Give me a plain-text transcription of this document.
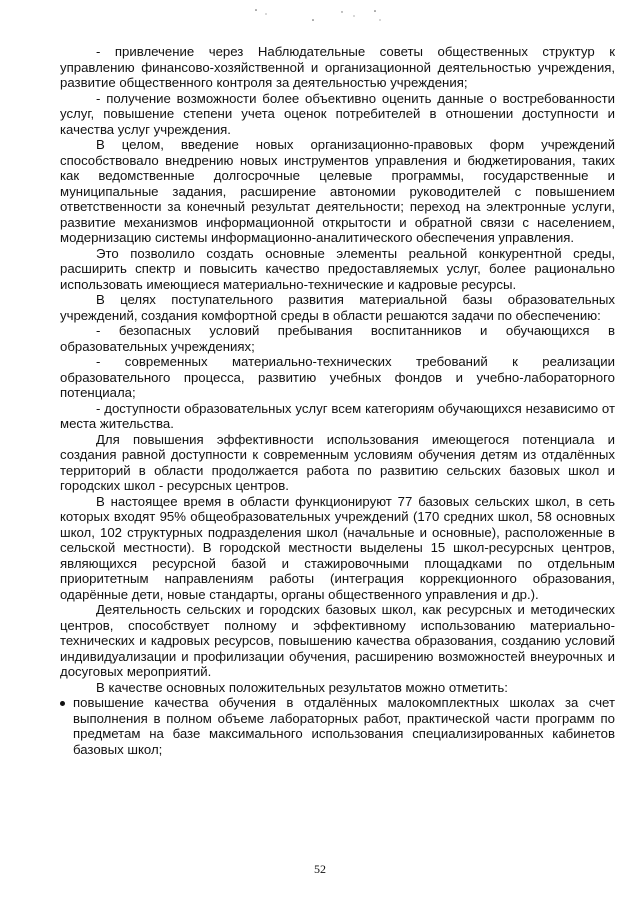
- привлечение через Наблюдательные советы общественных структур к управлению финансово-хозяйственной и организационной деятельностью учреждения, развитие общественного контроля за деятельностью учреждения;

- получение возможности более объективно оценить данные о востребованности услуг, повышение степени учета оценок потребителей в отношении доступности и качества услуг учреждения.

В целом, введение новых организационно-правовых форм учреждений способствовало внедрению новых инструментов управления и бюджетирования, таких как ведомственные долгосрочные целевые программы, государственные и муниципальные задания, расширение автономии руководителей с повышением ответственности за конечный результат деятельности; переход на электронные услуги, развитие механизмов информационной открытости и обратной связи с населением, модернизацию системы информационно-аналитического обеспечения управления.

Это позволило создать основные элементы реальной конкурентной среды, расширить спектр и повысить качество предоставляемых услуг, более рационально использовать имеющиеся материально-технические и кадровые ресурсы.

В целях поступательного развития материальной базы образовательных учреждений, создания комфортной среды в области решаются задачи по обеспечению:

- безопасных условий пребывания воспитанников и обучающихся в образовательных учреждениях;

- современных материально-технических требований к реализации образовательного процесса, развитию учебных фондов и учебно-лабораторного потенциала;

- доступности образовательных услуг всем категориям обучающихся независимо от места жительства.

Для повышения эффективности использования имеющегося потенциала и создания равной доступности к современным условиям обучения детям из отдалённых территорий в области продолжается работа по развитию сельских базовых школ и городских школ - ресурсных центров.

В настоящее время в области функционируют 77 базовых сельских школ, в сеть которых входят 95% общеобразовательных учреждений (170 средних школ, 58 основных школ, 102 структурных подразделения школ (начальные и основные), расположенные в сельской местности). В городской местности выделены 15 школ-ресурсных центров, являющихся ресурсной базой и стажировочными площадками по отдельным приоритетным направлениям работы (интеграция коррекционного образования, одарённые дети, новые стандарты, органы общественного управления и др.).

Деятельность сельских и городских базовых школ, как ресурсных и методических центров, способствует полному и эффективному использованию материально-технических и кадровых ресурсов, повышению качества образования, созданию условий индивидуализации и профилизации обучения, расширению возможностей внеурочных и досуговых мероприятий.

В качестве основных положительных результатов можно отметить:

повышение качества обучения в отдалённых малокомплектных школах за счет выполнения в полном объеме лабораторных работ, практической части программ по предметам на базе максимального использования специализированных кабинетов базовых школ;
52
